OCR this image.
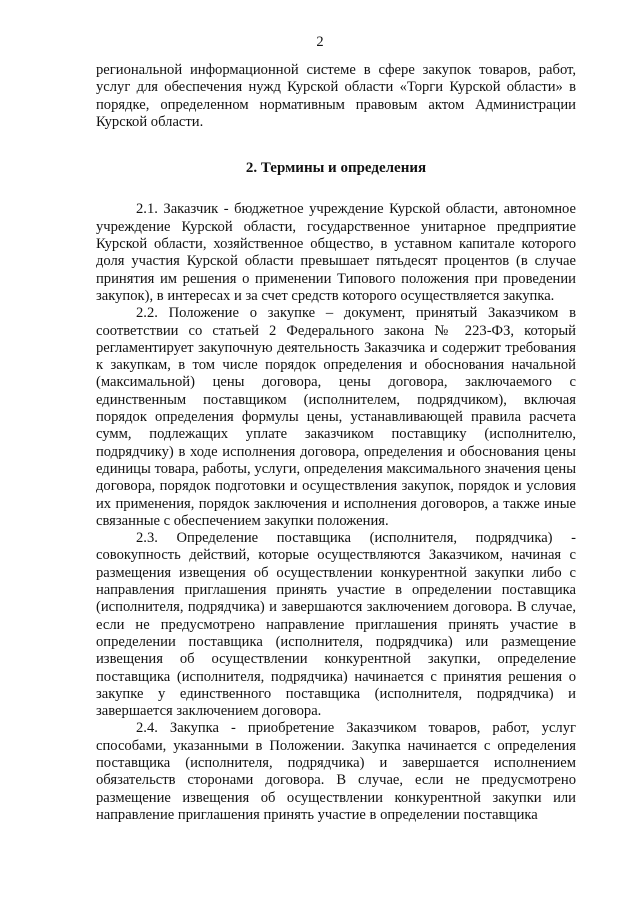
2

региональной информационной системе в сфере закупок товаров, работ, услуг для обеспечения нужд Курской области «Торги Курской области» в порядке, определенном нормативным правовым актом Администрации Курской области.

2. Термины и определения

2.1. Заказчик - бюджетное учреждение Курской области, автономное учреждение Курской области, государственное унитарное предприятие Курской области, хозяйственное общество, в уставном капитале которого доля участия Курской области превышает пятьдесят процентов (в случае принятия им решения о применении Типового положения при проведении закупок), в интересах и за счет средств которого осуществляется закупка.

2.2. Положение о закупке – документ, принятый Заказчиком в соответствии со статьей 2 Федерального закона № 223-ФЗ, который регламентирует закупочную деятельность Заказчика и содержит требования к закупкам, в том числе порядок определения и обоснования начальной (максимальной) цены договора, цены договора, заключаемого с единственным поставщиком (исполнителем, подрядчиком), включая порядок определения формулы цены, устанавливающей правила расчета сумм, подлежащих уплате заказчиком поставщику (исполнителю, подрядчику) в ходе исполнения договора, определения и обоснования цены единицы товара, работы, услуги, определения максимального значения цены договора, порядок подготовки и осуществления закупок, порядок и условия их применения, порядок заключения и исполнения договоров, а также иные связанные с обеспечением закупки положения.

2.3. Определение поставщика (исполнителя, подрядчика) - совокупность действий, которые осуществляются Заказчиком, начиная с размещения извещения об осуществлении конкурентной закупки либо с направления приглашения принять участие в определении поставщика (исполнителя, подрядчика) и завершаются заключением договора. В случае, если не предусмотрено направление приглашения принять участие в определении поставщика (исполнителя, подрядчика) или размещение извещения об осуществлении конкурентной закупки, определение поставщика (исполнителя, подрядчика) начинается с принятия решения о закупке у единственного поставщика (исполнителя, подрядчика) и завершается заключением договора.

2.4. Закупка - приобретение Заказчиком товаров, работ, услуг способами, указанными в Положении. Закупка начинается с определения поставщика (исполнителя, подрядчика) и завершается исполнением обязательств сторонами договора. В случае, если не предусмотрено размещение извещения об осуществлении конкурентной закупки или направление приглашения принять участие в определении поставщика
